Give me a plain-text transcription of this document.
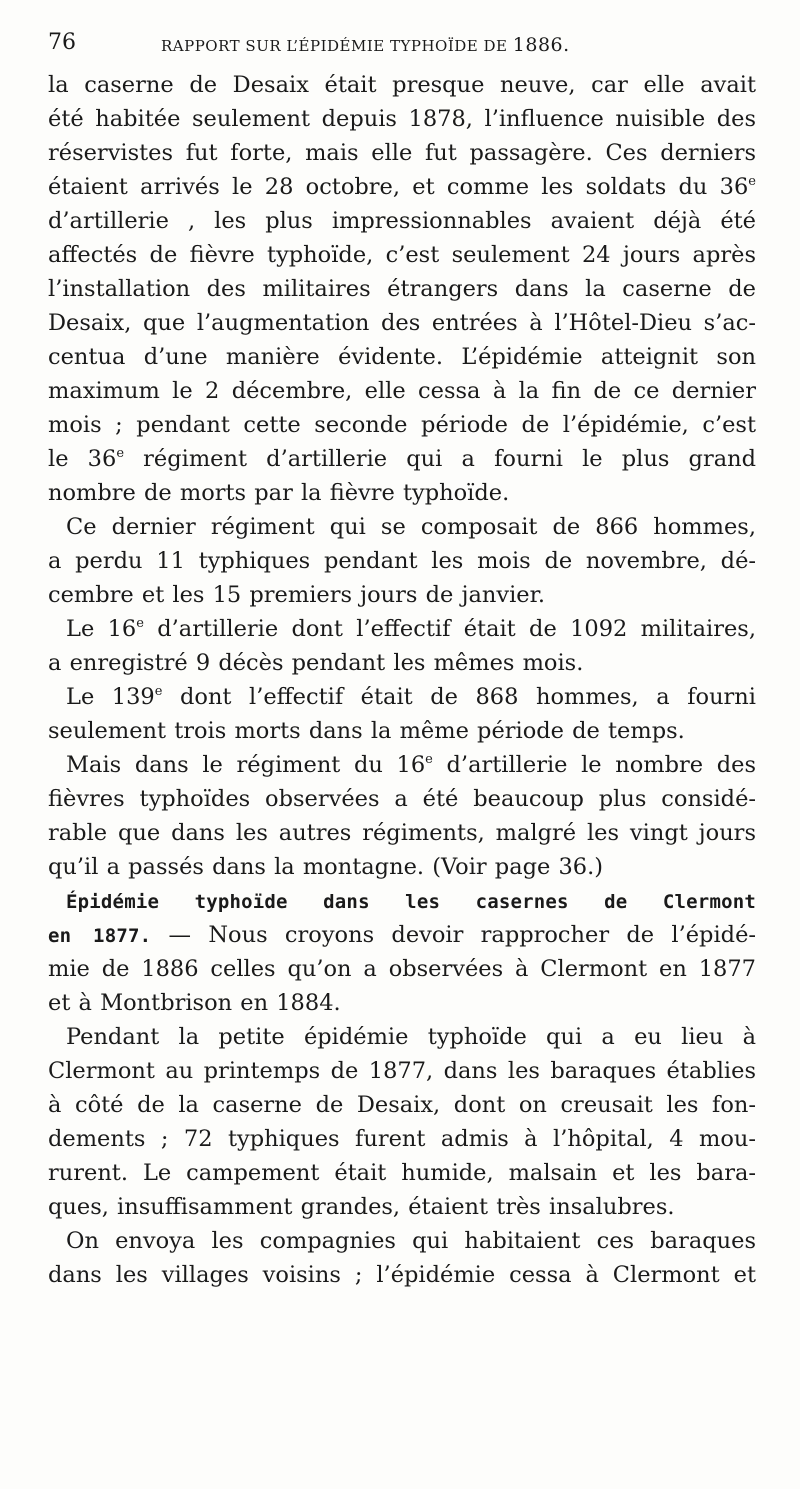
76	RAPPORT SUR L’ÉPIDÉMIE TYPHOÏDE DE 1886.
la caserne de Desaix était presque neuve, car elle avait
été habitée seulement depuis 1878, l’influence nuisible des
réservistes fut forte, mais elle fut passagère. Ces derniers
étaient arrivés le 28 octobre, et comme les soldats du 36e
d’artillerie , les plus impressionnables avaient déjà été
affectés de fièvre typhoïde, c’est seulement 24 jours après
l’installation des militaires étrangers dans la caserne de
Desaix, que l’augmentation des entrées à l’Hôtel-Dieu s’ac-
centua d’une manière évidente. L’épidémie atteignit son
maximum le 2 décembre, elle cessa à la fin de ce dernier
mois ; pendant cette seconde période de l’épidémie, c’est
le 36e régiment d’artillerie qui a fourni le plus grand
nombre de morts par la fièvre typhoïde.
Ce dernier régiment qui se composait de 866 hommes,
a perdu 11 typhiques pendant les mois de novembre, dé-
cembre et les 15 premiers jours de janvier.
Le 16e d’artillerie dont l’effectif était de 1092 militaires,
a enregistré 9 décès pendant les mêmes mois.
Le 139e dont l’effectif était de 868 hommes, a fourni
seulement trois morts dans la même période de temps.
Mais dans le régiment du 16e d’artillerie le nombre des
fièvres typhoïdes observées a été beaucoup plus considé-
rable que dans les autres régiments, malgré les vingt jours
qu’il a passés dans la montagne. (Voir page 36.)
Épidémie typhoïde dans les casernes de Clermont
en 1877. — Nous croyons devoir rapprocher de l’épidé-
mie de 1886 celles qu’on a observées à Clermont en 1877
et à Montbrison en 1884.
Pendant la petite épidémie typhoïde qui a eu lieu à
Clermont au printemps de 1877, dans les baraques établies
à côté de la caserne de Desaix, dont on creusait les fon-
dements ; 72 typhiques furent admis à l’hôpital, 4 mou-
rurent. Le campement était humide, malsain et les bara-
ques, insuffisamment grandes, étaient très insalubres.
On envoya les compagnies qui habitaient ces baraques
dans les villages voisins ; l’épidémie cessa à Clermont et
